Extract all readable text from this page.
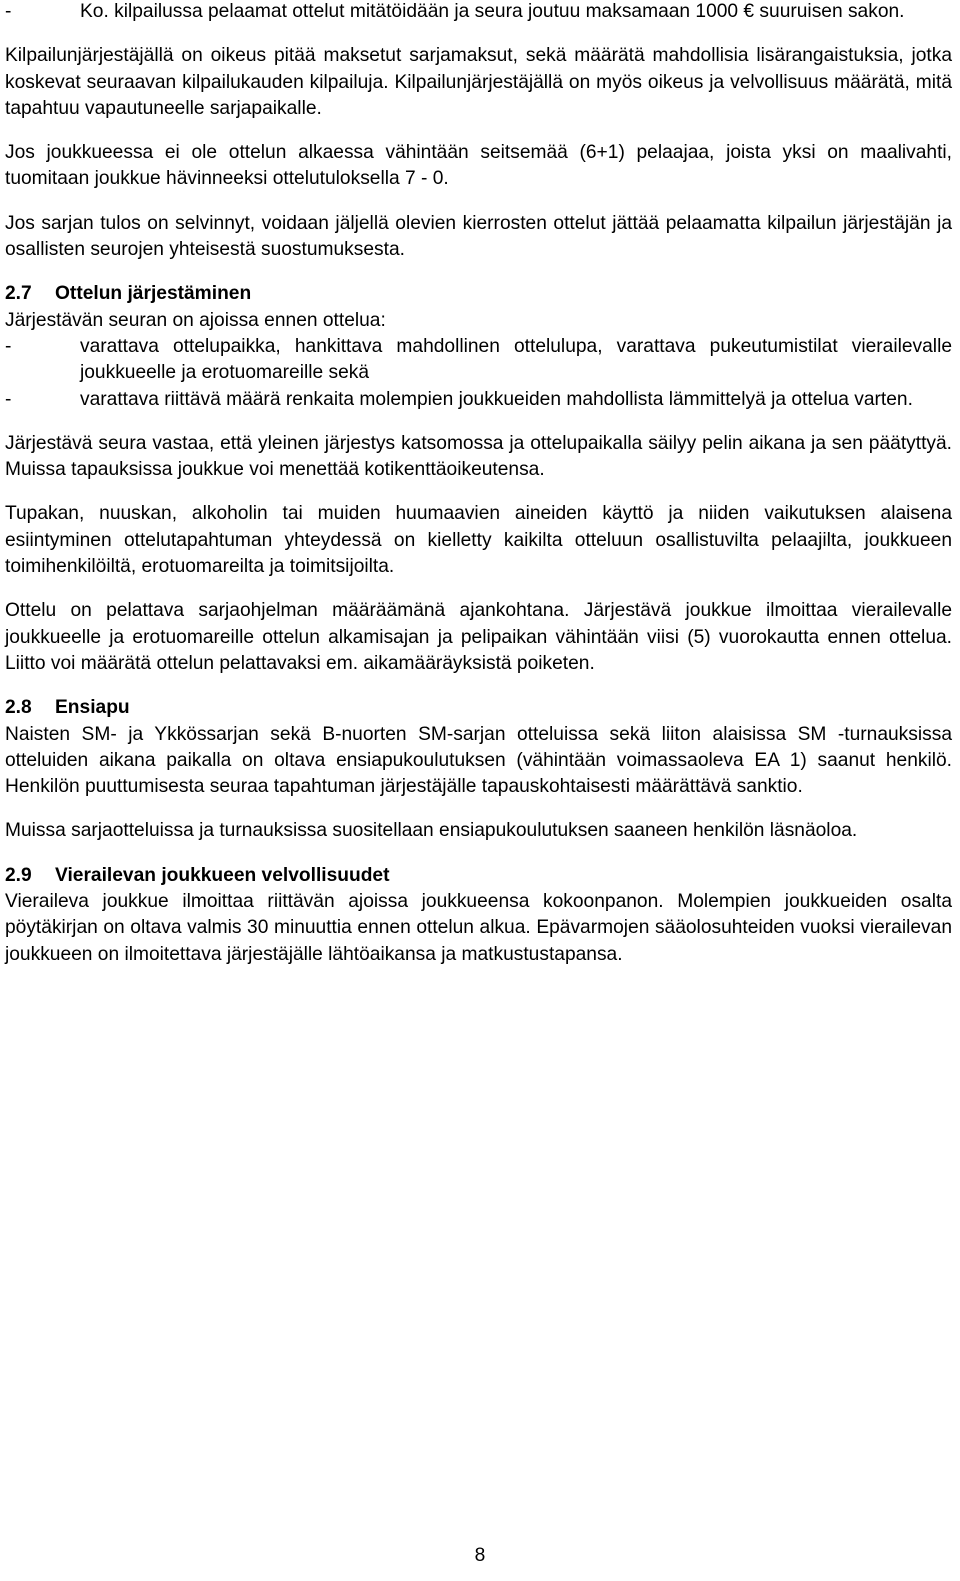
-	Ko. kilpailussa pelaamat ottelut mitätöidään ja seura joutuu maksamaan 1000 € suuruisen sakon.

Kilpailunjärjestäjällä on oikeus pitää maksetut sarjamaksut, sekä määrätä mahdollisia lisärangaistuksia, jotka koskevat seuraavan kilpailukauden kilpailuja. Kilpailunjärjestäjällä on myös oikeus ja velvollisuus määrätä, mitä tapahtuu vapautuneelle sarjapaikalle.

Jos joukkueessa ei ole ottelun alkaessa vähintään seitsemää (6+1) pelaajaa, joista yksi on maalivahti, tuomitaan joukkue hävinneeksi ottelutuloksella 7 - 0.

Jos sarjan tulos on selvinnyt, voidaan jäljellä olevien kierrosten ottelut jättää pelaamatta kilpailun järjestäjän ja osallisten seurojen yhteisestä suostumuksesta.

2.7 Ottelun järjestäminen

Järjestävän seuran on ajoissa ennen ottelua:

-	varattava ottelupaikka, hankittava mahdollinen ottelulupa, varattava pukeutumistilat vierailevalle joukkueelle ja erotuomareille sekä
-	varattava riittävä määrä renkaita molempien joukkueiden mahdollista lämmittelyä ja ottelua varten.

Järjestävä seura vastaa, että yleinen järjestys katsomossa ja ottelupaikalla säilyy pelin aikana ja sen päätyttyä. Muissa tapauksissa joukkue voi menettää kotikenttäoikeutensa.

Tupakan, nuuskan, alkoholin tai muiden huumaavien aineiden käyttö ja niiden vaikutuksen alaisena esiintyminen ottelutapahtuman yhteydessä on kielletty kaikilta otteluun osallistuvilta pelaajilta, joukkueen toimihenkilöiltä, erotuomareilta ja toimitsijoilta.

Ottelu on pelattava sarjaohjelman määräämänä ajankohtana. Järjestävä joukkue ilmoittaa vierailevalle joukkueelle ja erotuomareille ottelun alkamisajan ja pelipaikan vähintään viisi (5) vuorokautta ennen ottelua. Liitto voi määrätä ottelun pelattavaksi em. aikamääräyksistä poiketen.

2.8 Ensiapu

Naisten SM- ja Ykkössarjan sekä B-nuorten SM-sarjan otteluissa sekä liiton alaisissa SM -turnauksissa otteluiden aikana paikalla on oltava ensiapukoulutuksen (vähintään voimassaoleva EA 1) saanut henkilö. Henkilön puuttumisesta seuraa tapahtuman järjestäjälle tapauskohtaisesti määrättävä sanktio.

Muissa sarjaotteluissa ja turnauksissa suositellaan ensiapukoulutuksen saaneen henkilön läsnäoloa.

2.9 Vierailevan joukkueen velvollisuudet

Vieraileva joukkue ilmoittaa riittävän ajoissa joukkueensa kokoonpanon. Molempien joukkueiden osalta pöytäkirjan on oltava valmis 30 minuuttia ennen ottelun alkua. Epävarmojen sääolosuhteiden vuoksi vierailevan joukkueen on ilmoitettava järjestäjälle lähtöaikansa ja matkustustapansa.

8
